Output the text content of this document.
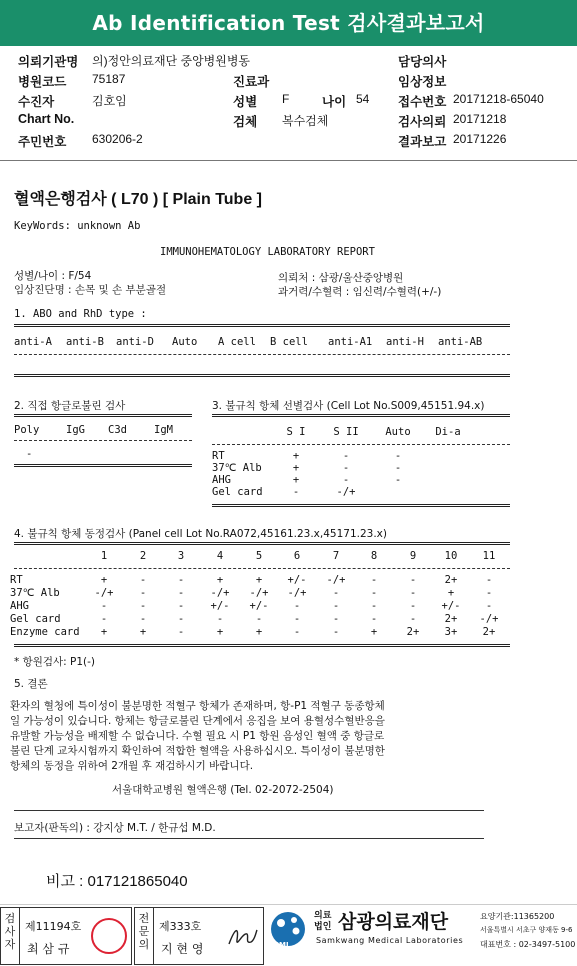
Ab Identification Test 검사결과보고서
의뢰기관명 의)정안의료재단 중앙병원병동	담당의사
병원코드 75187	진료과	임상정보
수진자	김호임	성별 F	나이 54 접수번호 20171218-65040
Chart No.	검체 복수검체	검사의뢰 20171218
주민번호 630206-2	결과보고 20171226
혈액은행검사 ( L70 ) [ Plain Tube ]
KeyWords: unknown Ab
IMMUNOHEMATOLOGY LABORATORY REPORT
성별/나이 : F/54
임상진단명 : 손목 및 손 부분골절
의뢰처 : 삼광/울산중앙병원
과거력/수혈력 : 임신력/수혈력(+/-)
1. ABO and RhD type :
anti-A anti-B anti-D Auto A cell B cell anti-A1 anti-H anti-AB
2. 직접 항글로불린 검사
Poly	IgG C3d	IgM
-
3. 불규칙 항체 선별검사 (Cell Lot No.S009,45151.94.x)
S I	S II	Auto Di-a
RT	+	-	-
37℃ Alb	+	-	-
AHG	+	-	-
Gel card	-	-/+
4. 불규칙 항체 동정검사 (Panel cell Lot No.RA072,45161.23.x,45171.23.x)
1	2	3	4	5	6	7	8	9	10 11
RT	+	-	-	+	+ +/- -/+ -	-	2+	-
37℃ Alb	-/+	-	-	-/+ -/+ -/+	-	-	-	+	-
AHG	-	-	-	+/- +/- -	-	-	- +/- -
Gel card	-	-	-	-	-	-	-	-	-	2+ -/+
Enzyme card +	+	-	+	+	-	-	+	2+ 3+ 2+
* 항원검사: P1(-)
5. 결론
환자의 혈청에 특이성이 불분명한 적혈구 항체가 존재하며, 항-P1 적혈구 동종항체
일 가능성이 있습니다. 항체는 항글로불린 단계에서 응집을 보여 용혈성수혈반응을
유발할 가능성을 배제할 수 없습니다. 수혈 필요 시 P1 항원 음성인 혈액 중 항글로
불린 단계 교차시험까지 확인하여 적합한 혈액을 사용하십시오. 특이성이 불분명한
항체의 동정을 위하여 2개월 후 재검하시기 바랍니다.
서울대학교병원 혈액은행 (Tel. 02-2072-2504)
보고자(판독의) : 강지상 M.T. / 한규섭 M.D.
비고 : 017121865040
검사자
제11194호
최 삼 규
전문의
제333호
지 현 영	SML
의료
법인 삼광의료재단
Samkwang Medical Laboratories
요양기관:11365200
서울특별시 서초구 양재동 9-6
대표번호 : 02-3497-5100
